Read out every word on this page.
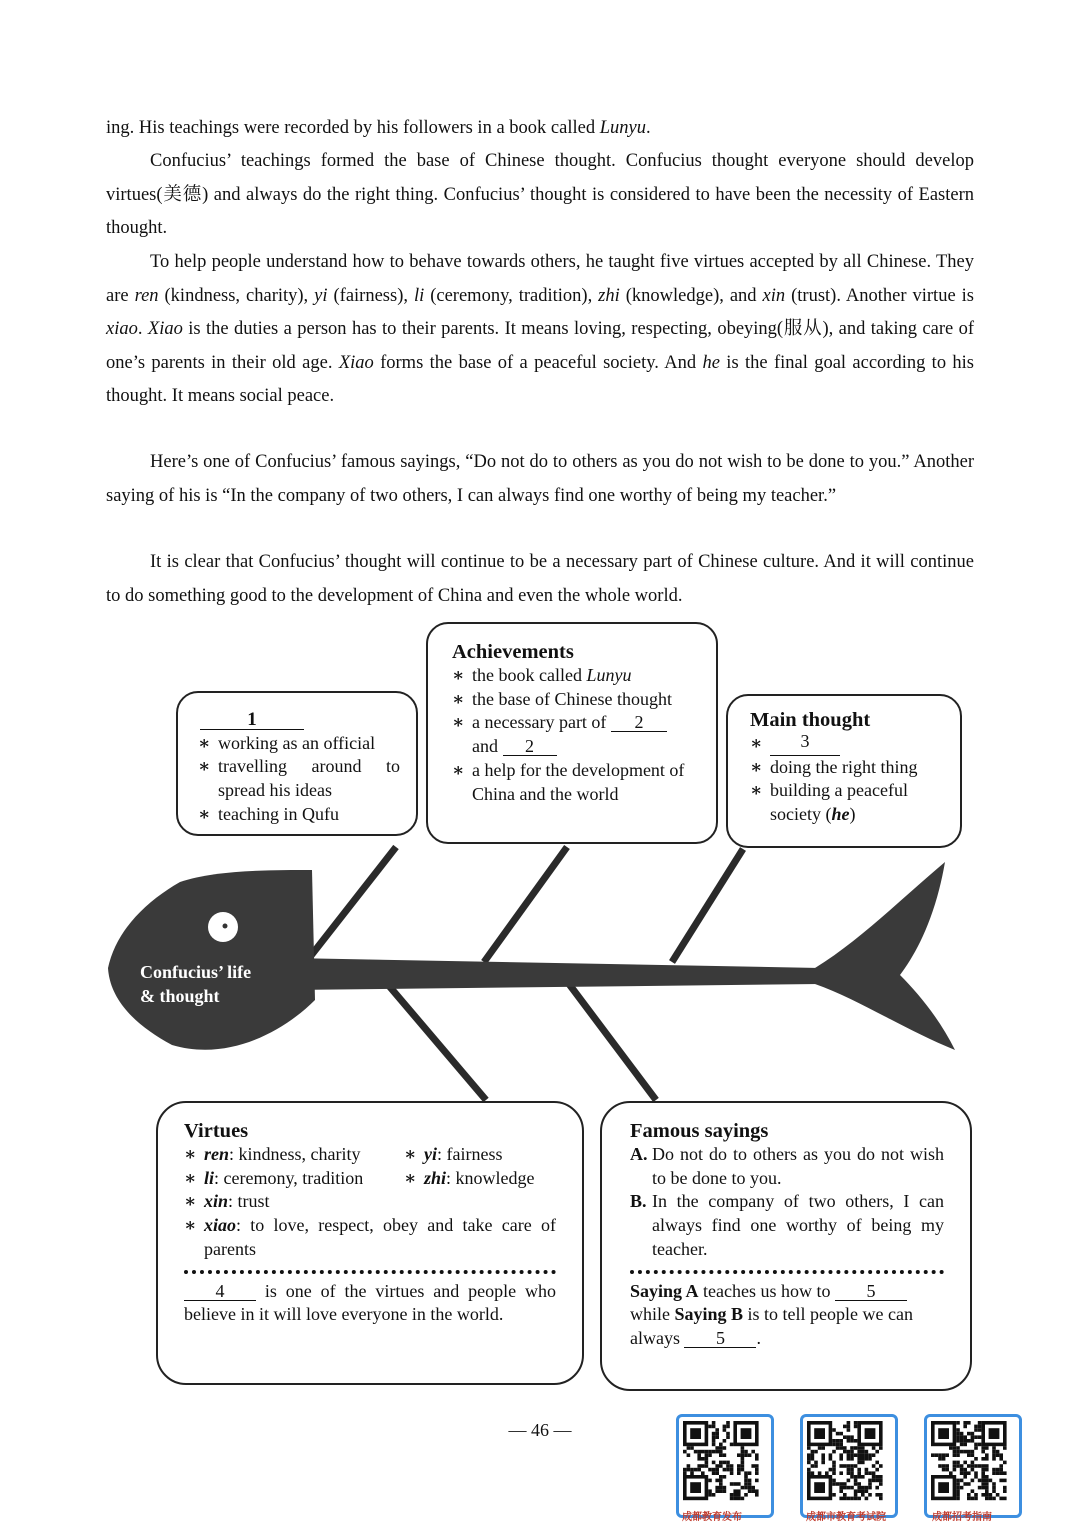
ing. His teachings were recorded by his followers in a book called Lunyu.

Confucius’ teachings formed the base of Chinese thought. Confucius thought everyone should develop virtues(美德) and always do the right thing. Confucius’ thought is considered to have been the necessity of Eastern thought.

To help people understand how to behave towards others, he taught five virtues accepted by all Chinese. They are ren (kindness, charity), yi (fairness), li (ceremony, tradition), zhi (knowledge), and xin (trust). Another virtue is xiao. Xiao is the duties a person has to their parents. It means loving, respecting, obeying(服从), and taking care of one’s parents in their old age. Xiao forms the base of a peaceful society. And he is the final goal according to his thought. It means social peace.

Here’s one of Confucius’ famous sayings, “Do not do to others as you do not wish to be done to you.” Another saying of his is “In the company of two others, I can always find one worthy of being my teacher.”

It is clear that Confucius’ thought will continue to be a necessary part of Chinese culture. And it will continue to do something good to the development of China and even the whole world.

Confucius’ life
& thought
1
∗ working as an official
∗ travelling around to spread his ideas
∗ teaching in Qufu
Achievements
∗ the book called Lunyu
∗ the base of Chinese thought
∗ a necessary part of 2
and 2
∗ a help for the development of China and the world
Main thought
∗	3
∗ doing the right thing
∗ building a peaceful society (he)
Virtues
∗ ren: kindness, charity ∗ yi: fairness
∗ li: ceremony, tradition ∗ zhi: knowledge
∗ xin: trust
∗ xiao: to love, respect, obey and take care of parents
4 is one of the virtues and people who believe in it will love everyone in the world.
Famous sayings
A. Do not do to others as you do not wish to be done to you.
B. In the company of two others, I can always find one worthy of being my teacher.
Saying A teaches us how to 5
while Saying B is to tell people we can always 5 .
— 46 —
成都教育发布	成都市教育考试院	成都招考指南
